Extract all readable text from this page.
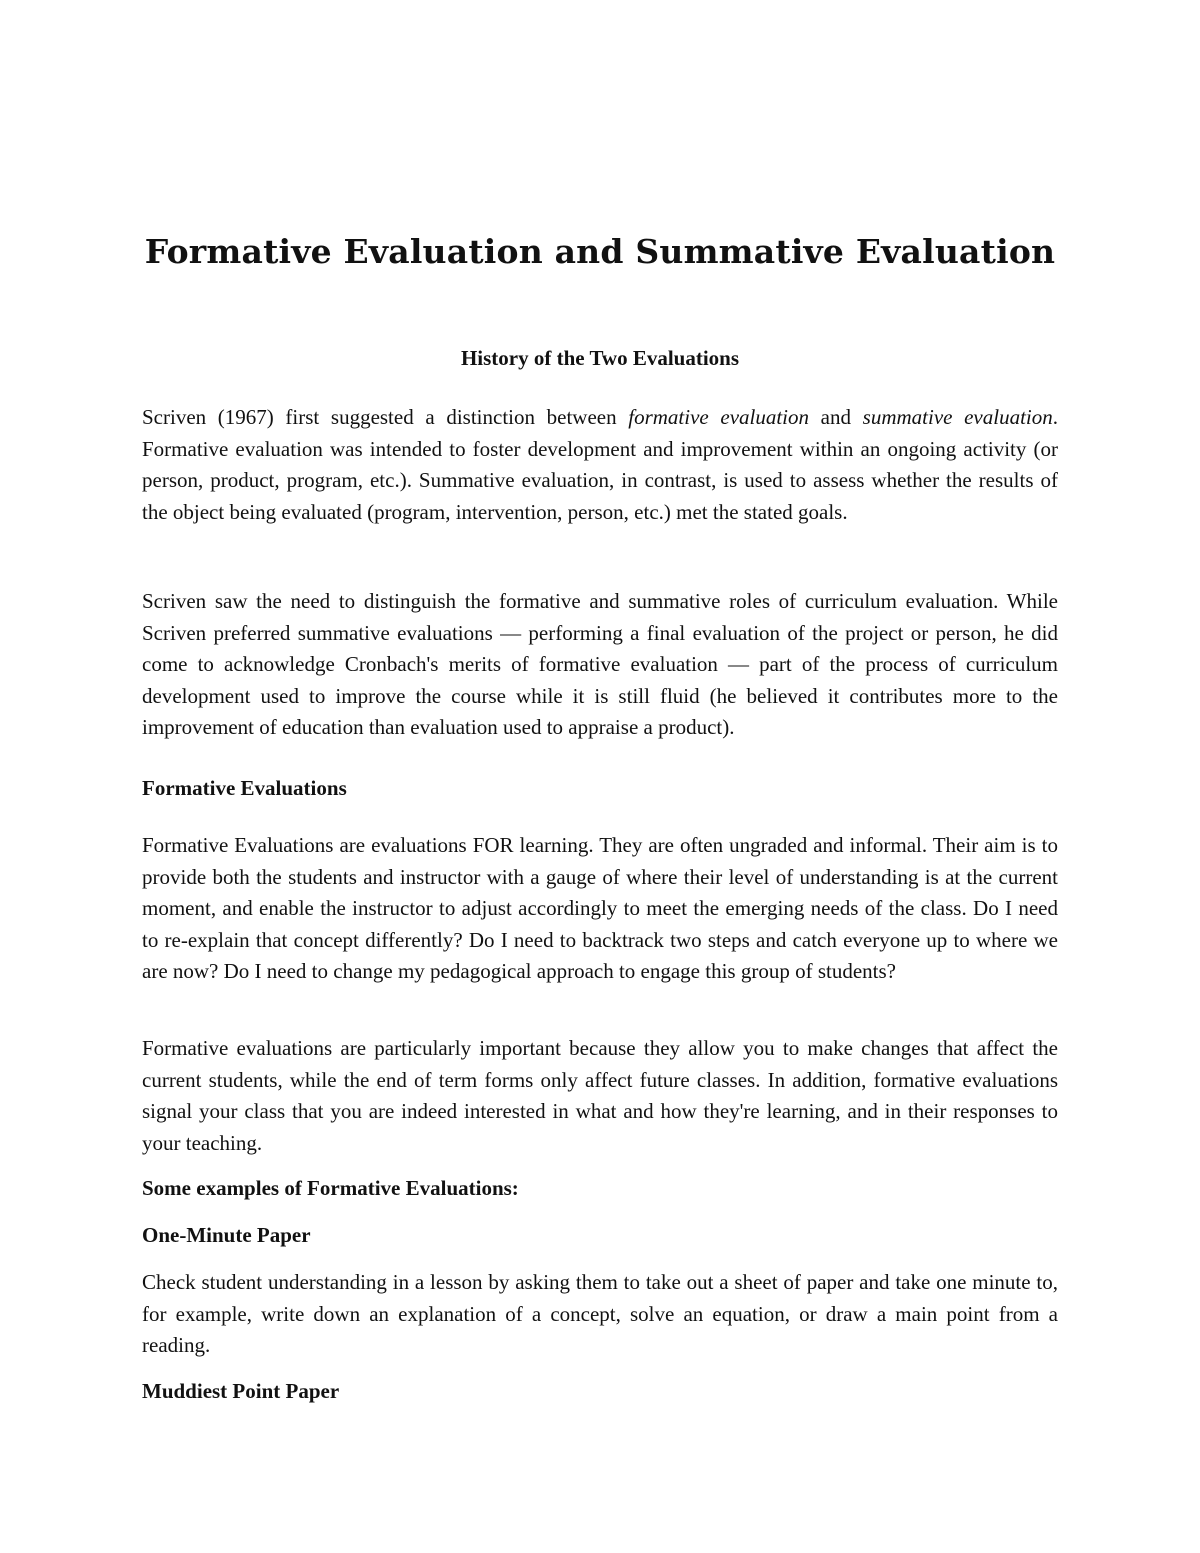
Formative Evaluation and Summative Evaluation

History of the Two Evaluations

Scriven (1967) first suggested a distinction between formative evaluation and summative evaluation. Formative evaluation was intended to foster development and improvement within an ongoing activity (or person, product, program, etc.). Summative evaluation, in contrast, is used to assess whether the results of the object being evaluated (program, intervention, person, etc.) met the stated goals.

Scriven saw the need to distinguish the formative and summative roles of curriculum evaluation. While Scriven preferred summative evaluations — performing a final evaluation of the project or person, he did come to acknowledge Cronbach's merits of formative evaluation — part of the process of curriculum development used to improve the course while it is still fluid (he believed it contributes more to the improvement of education than evaluation used to appraise a product).

Formative Evaluations

Formative Evaluations are evaluations FOR learning. They are often ungraded and informal. Their aim is to provide both the students and instructor with a gauge of where their level of understanding is at the current moment, and enable the instructor to adjust accordingly to meet the emerging needs of the class. Do I need to re-explain that concept differently? Do I need to backtrack two steps and catch everyone up to where we are now? Do I need to change my pedagogical approach to engage this group of students?

Formative evaluations are particularly important because they allow you to make changes that affect the current students, while the end of term forms only affect future classes. In addition, formative evaluations signal your class that you are indeed interested in what and how they're learning, and in their responses to your teaching.

Some examples of Formative Evaluations:

One-Minute Paper

Check student understanding in a lesson by asking them to take out a sheet of paper and take one minute to, for example, write down an explanation of a concept, solve an equation, or draw a main point from a reading.

Muddiest Point Paper
